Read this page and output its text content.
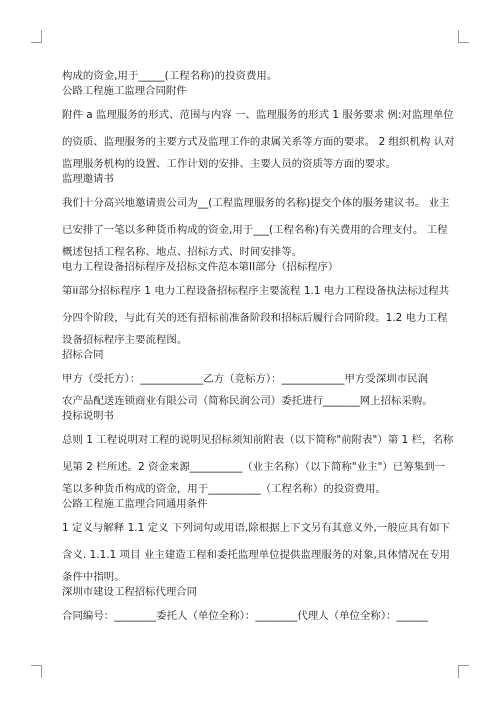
构成的资金,用于_____(工程名称)的投资费用。

公路工程施工监理合同附件

附件 a 监理服务的形式、范围与内容 一、监理服务的形式 1 服务要求 例:对监理单位

的资质、监理服务的主要方式及监理工作的隶属关系等方面的要求。 2 组织机构 认对

监理服务机构的设置、工作计划的安排、主要人员的资质等方面的要求。

监理邀请书

我们十分高兴地邀请贵公司为__(工程监理服务的名称)提交个体的服务建议书。 业主

已安排了一笔以多种货币构成的资金,用于___(工程名称)有关费用的合理支付。 工程

概述包括工程名称、地点、招标方式、时间安排等。

电力工程设备招标程序及招标文件范本第II部分（招标程序）

第ii部分招标程序 1 电力工程设备招标程序主要流程 1.1 电力工程设备执法标过程共

分四个阶段，与此有关的还有招标前准备阶段和招标后履行合同阶段。1.2 电力工程

设备招标程序主要流程图。

招标合同

甲方（受托方）：____________乙方（竞标方）：____________甲方受深圳市民润

农产品配送连锁商业有限公司（简称民润公司）委托进行_______网上招标采购。

投标说明书

总则 1 工程说明对工程的说明见招标须知前附表（以下简称"前附表"）第 1 栏，名称

见第 2 栏所述。2 资金来源__________（业主名称）（以下简称"业主"）已筹集到一

笔以多种货币构成的资金，用于__________（工程名称）的投资费用。

公路工程施工监理合同通用条件

1 定义与解释 1.1 定义 下列词句或用语,除根据上下文另有其意义外,一般应具有如下

含义. 1.1.1 项目 业主建造工程和委托监理单位提供监理服务的对象,具体情况在专用

条件中指明。

深圳市建设工程招标代理合同

合同编号：________委托人（单位全称）：________代理人（单位全称）：______
